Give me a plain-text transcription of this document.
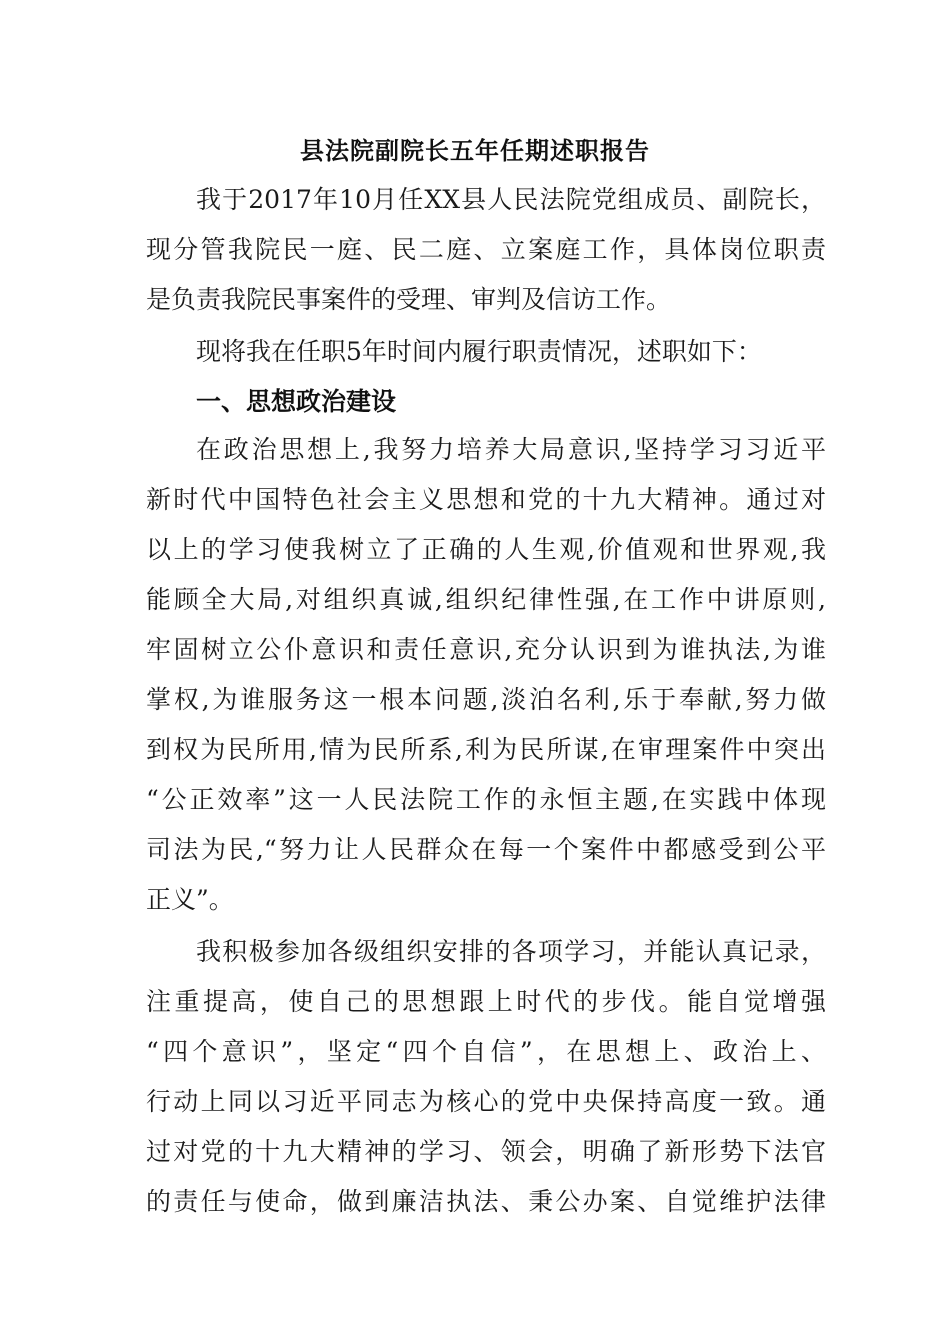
县法院副院长五年任期述职报告

我于2017年10月任XX县人民法院党组成员、副院长，

现分管我院民一庭、民二庭、立案庭工作，具体岗位职责

是负责我院民事案件的受理、审判及信访工作。

现将我在任职5年时间内履行职责情况，述职如下：

一、思想政治建设

在政治思想上,我努力培养大局意识,坚持学习习近平

新时代中国特色社会主义思想和党的十九大精神。通过对

以上的学习使我树立了正确的人生观,价值观和世界观,我

能顾全大局,对组织真诚,组织纪律性强,在工作中讲原则,

牢固树立公仆意识和责任意识,充分认识到为谁执法,为谁

掌权,为谁服务这一根本问题,淡泊名利,乐于奉献,努力做

到权为民所用,情为民所系,利为民所谋,在审理案件中突出

“公正效率”这一人民法院工作的永恒主题,在实践中体现

司法为民,“努力让人民群众在每一个案件中都感受到公平

正义”。

我积极参加各级组织安排的各项学习，并能认真记录，

注重提高，使自己的思想跟上时代的步伐。能自觉增强

“四个意识”，坚定“四个自信”，在思想上、政治上、

行动上同以习近平同志为核心的党中央保持高度一致。通

过对党的十九大精神的学习、领会，明确了新形势下法官

的责任与使命，做到廉洁执法、秉公办案、自觉维护法律
